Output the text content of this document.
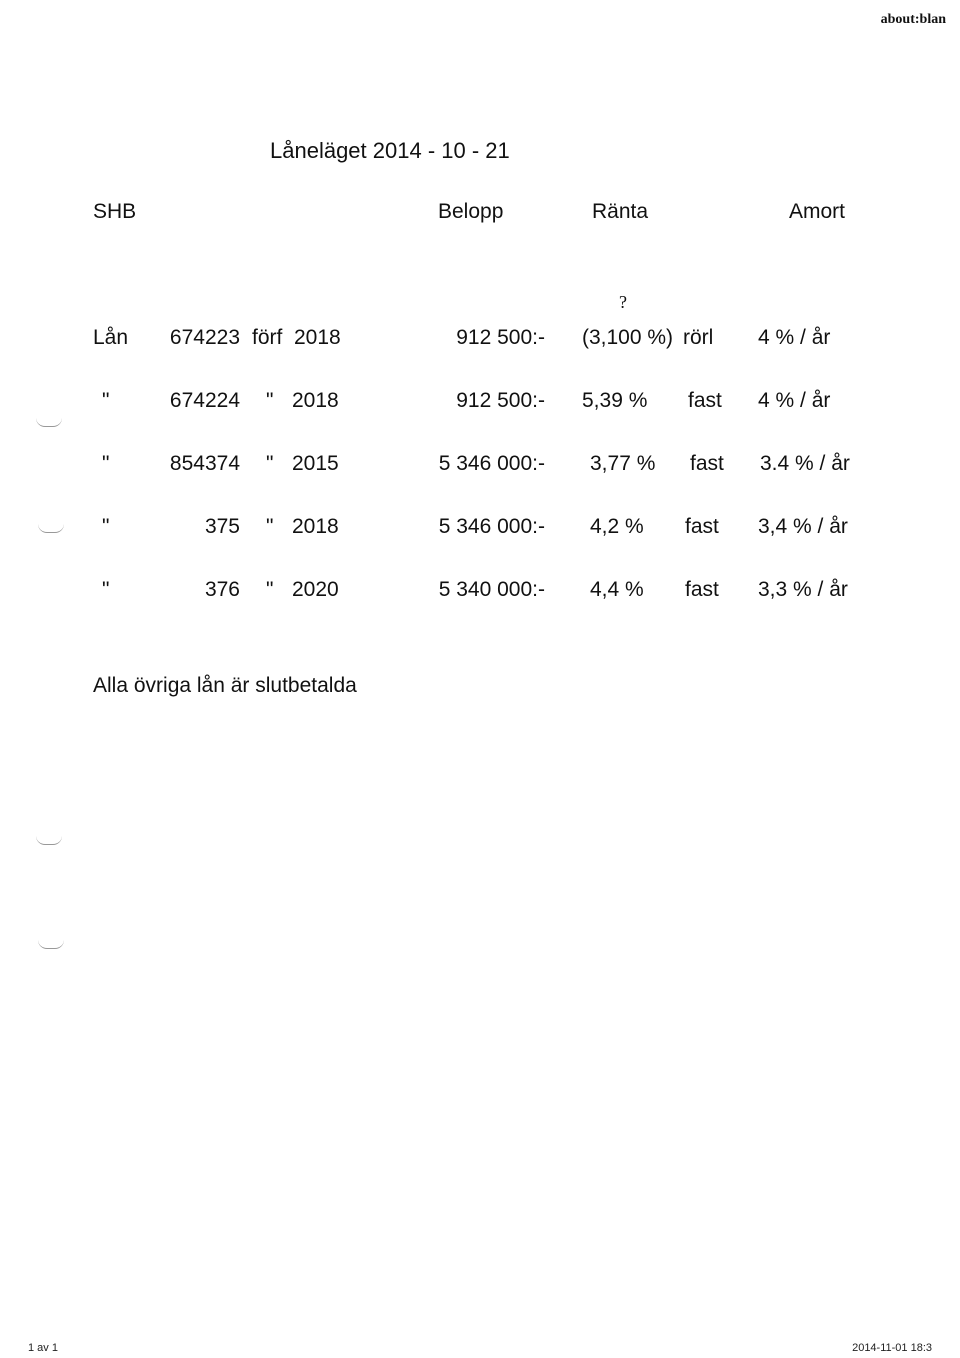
about:blan
Låneläget 2014 - 10 - 21
SHB	Belopp	Ränta	Amort
?
Lån	674223 förf 2018	912 500:- (3,100 %) rörl 4 % / år
"	674224 " 2018	912 500:- 5,39 % fast 4 % / år
"	854374 " 2015	5 346 000:- 3,77 % fast 3.4 % / år
"	375 " 2018	5 346 000:- 4,2 % fast 3,4 % / år
"	376 " 2020	5 340 000:- 4,4 % fast 3,3 % / år
Alla övriga lån är slutbetalda
1 av 1	2014-11-01 18:3
